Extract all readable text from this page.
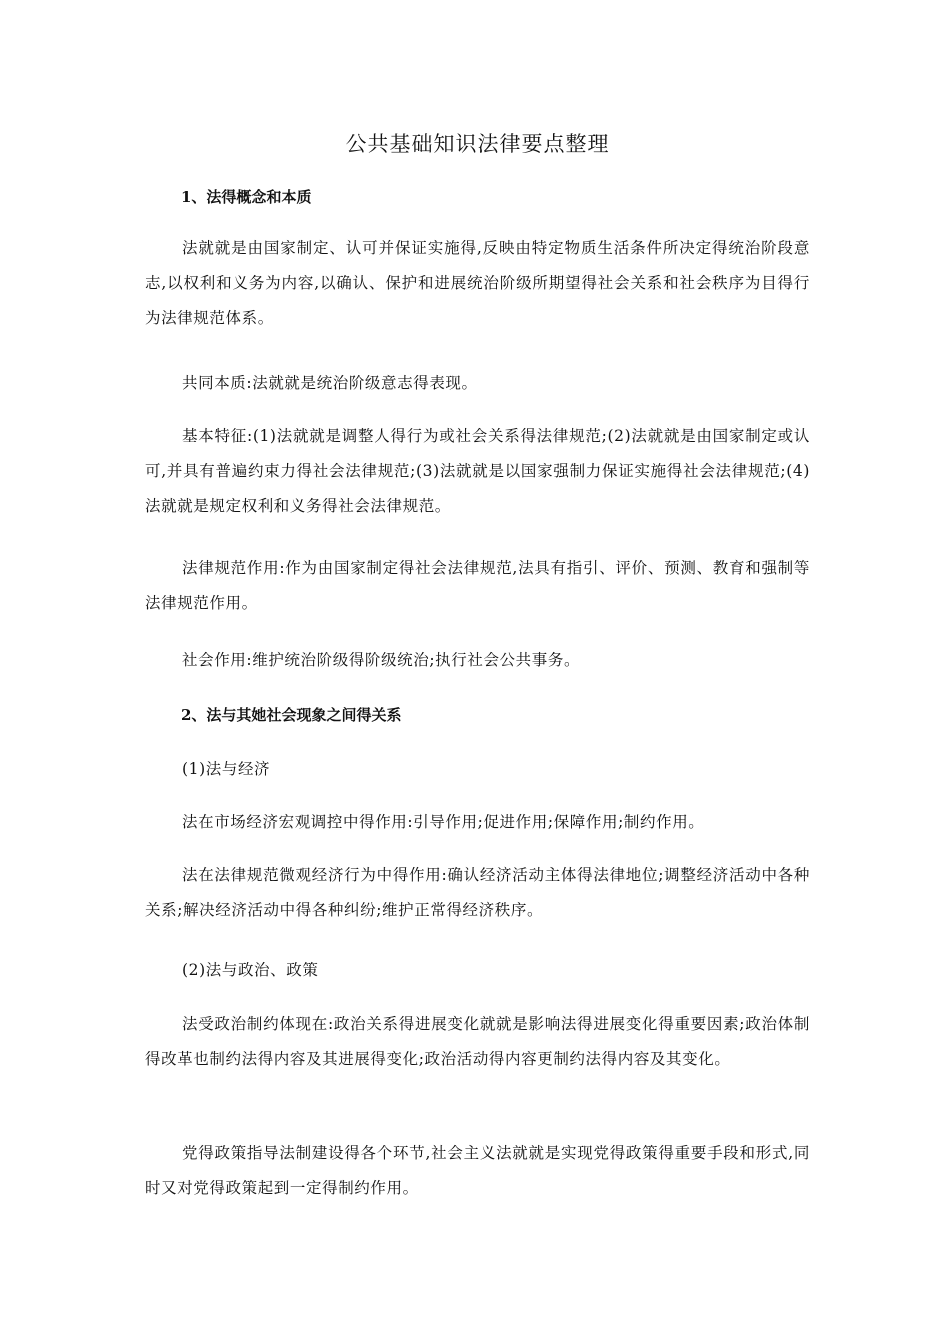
公共基础知识法律要点整理
1、法得概念和本质
法就就是由国家制定、认可并保证实施得,反映由特定物质生活条件所决定得统治阶段意志,以权利和义务为内容,以确认、保护和进展统治阶级所期望得社会关系和社会秩序为目得行为法律规范体系。
共同本质:法就就是统治阶级意志得表现。
基本特征:(1)法就就是调整人得行为或社会关系得法律规范;(2)法就就是由国家制定或认可,并具有普遍约束力得社会法律规范;(3)法就就是以国家强制力保证实施得社会法律规范;(4)法就就是规定权利和义务得社会法律规范。
法律规范作用:作为由国家制定得社会法律规范,法具有指引、评价、预测、教育和强制等法律规范作用。
社会作用:维护统治阶级得阶级统治;执行社会公共事务。
2、法与其她社会现象之间得关系
(1)法与经济
法在市场经济宏观调控中得作用:引导作用;促进作用;保障作用;制约作用。
法在法律规范微观经济行为中得作用:确认经济活动主体得法律地位;调整经济活动中各种关系;解决经济活动中得各种纠纷;维护正常得经济秩序。
(2)法与政治、政策
法受政治制约体现在:政治关系得进展变化就就是影响法得进展变化得重要因素;政治体制得改革也制约法得内容及其进展得变化;政治活动得内容更制约法得内容及其变化。
党得政策指导法制建设得各个环节,社会主义法就就是实现党得政策得重要手段和形式,同时又对党得政策起到一定得制约作用。
